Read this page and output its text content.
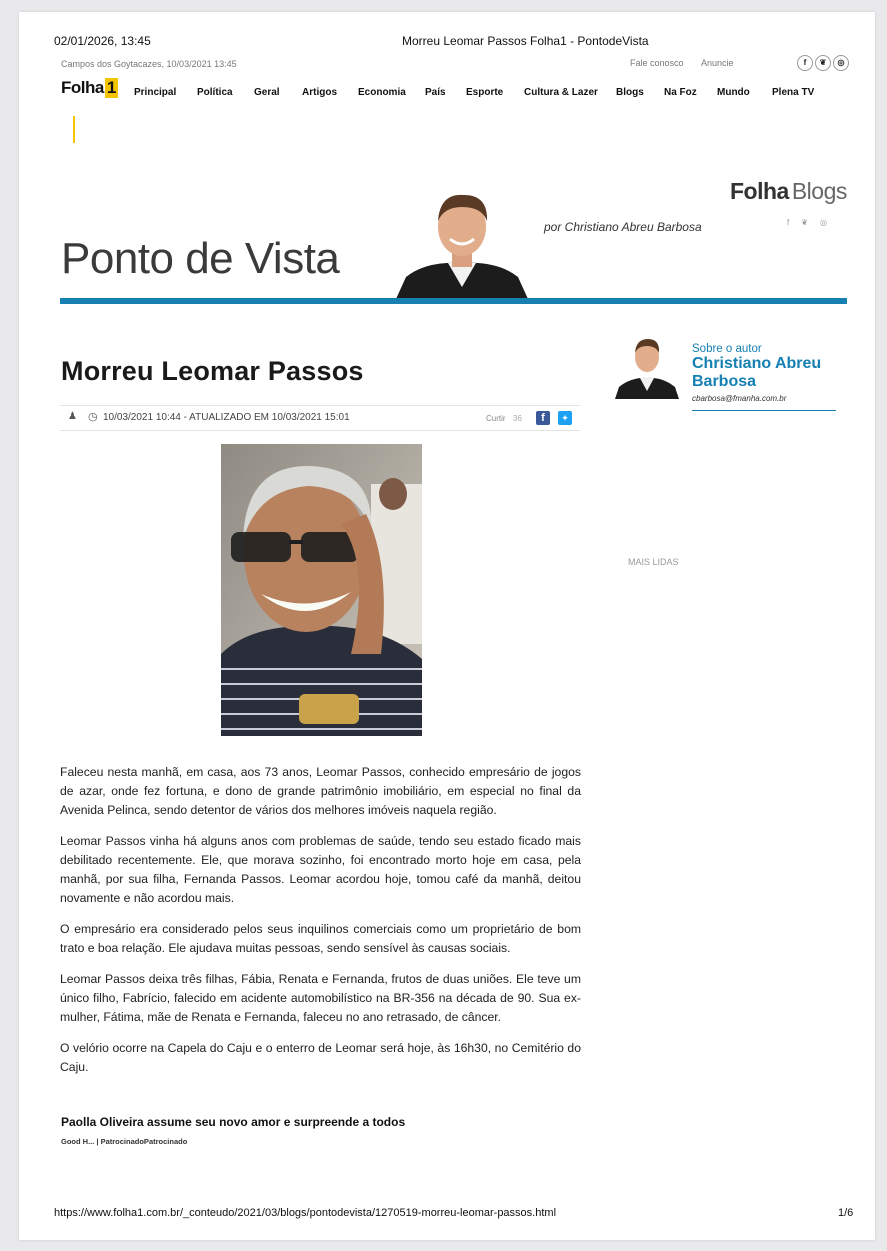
02/01/2026, 13:45	Morreu Leomar Passos Folha1 - PontodeVista
Campos dos Goytacazes, 10/03/2021 13:45	Fale conosco Anuncie	f	❦	◎
Folha 1 Principal Política Geral Artigos Economia País Esporte Cultura & Lazer Blogs Na Foz Mundo Plena TV
Ponto de Vista
por Christiano Abreu Barbosa
Folha Blogs
f❦◎
Morreu Leomar Passos
♟ ◷ 10/03/2021 10:44 - ATUALIZADO EM 10/03/2021 15:01	Curtir 36	f	✦

Faleceu nesta manhã, em casa, aos 73 anos, Leomar Passos, conhecido empresário de jogos de azar, onde fez fortuna, e dono de grande patrimônio imobiliário, em especial no final da Avenida Pelinca, sendo detentor de vários dos melhores imóveis naquela região.

Leomar Passos vinha há alguns anos com problemas de saúde, tendo seu estado ficado mais debilitado recentemente. Ele, que morava sozinho, foi encontrado morto hoje em casa, pela manhã, por sua filha, Fernanda Passos. Leomar acordou hoje, tomou café da manhã, deitou novamente e não acordou mais.

O empresário era considerado pelos seus inquilinos comerciais como um proprietário de bom trato e boa relação. Ele ajudava muitas pessoas, sendo sensível às causas sociais.

Leomar Passos deixa três filhas, Fábia, Renata e Fernanda, frutos de duas uniões. Ele teve um único filho, Fabrício, falecido em acidente automobilístico na BR-356 na década de 90. Sua ex-mulher, Fátima, mãe de Renata e Fernanda, faleceu no ano retrasado, de câncer.

O velório ocorre na Capela do Caju e o enterro de Leomar será hoje, às 16h30, no Cemitério do Caju.

Paolla Oliveira assume seu novo amor e surpreende a todos
Good H... | PatrocinadoPatrocinado
Sobre o autor
Christiano Abreu
Barbosa
cbarbosa@fmanha.com.br
MAIS LIDAS
https://www.folha1.com.br/_conteudo/2021/03/blogs/pontodevista/1270519-morreu-leomar-passos.html	1/6
